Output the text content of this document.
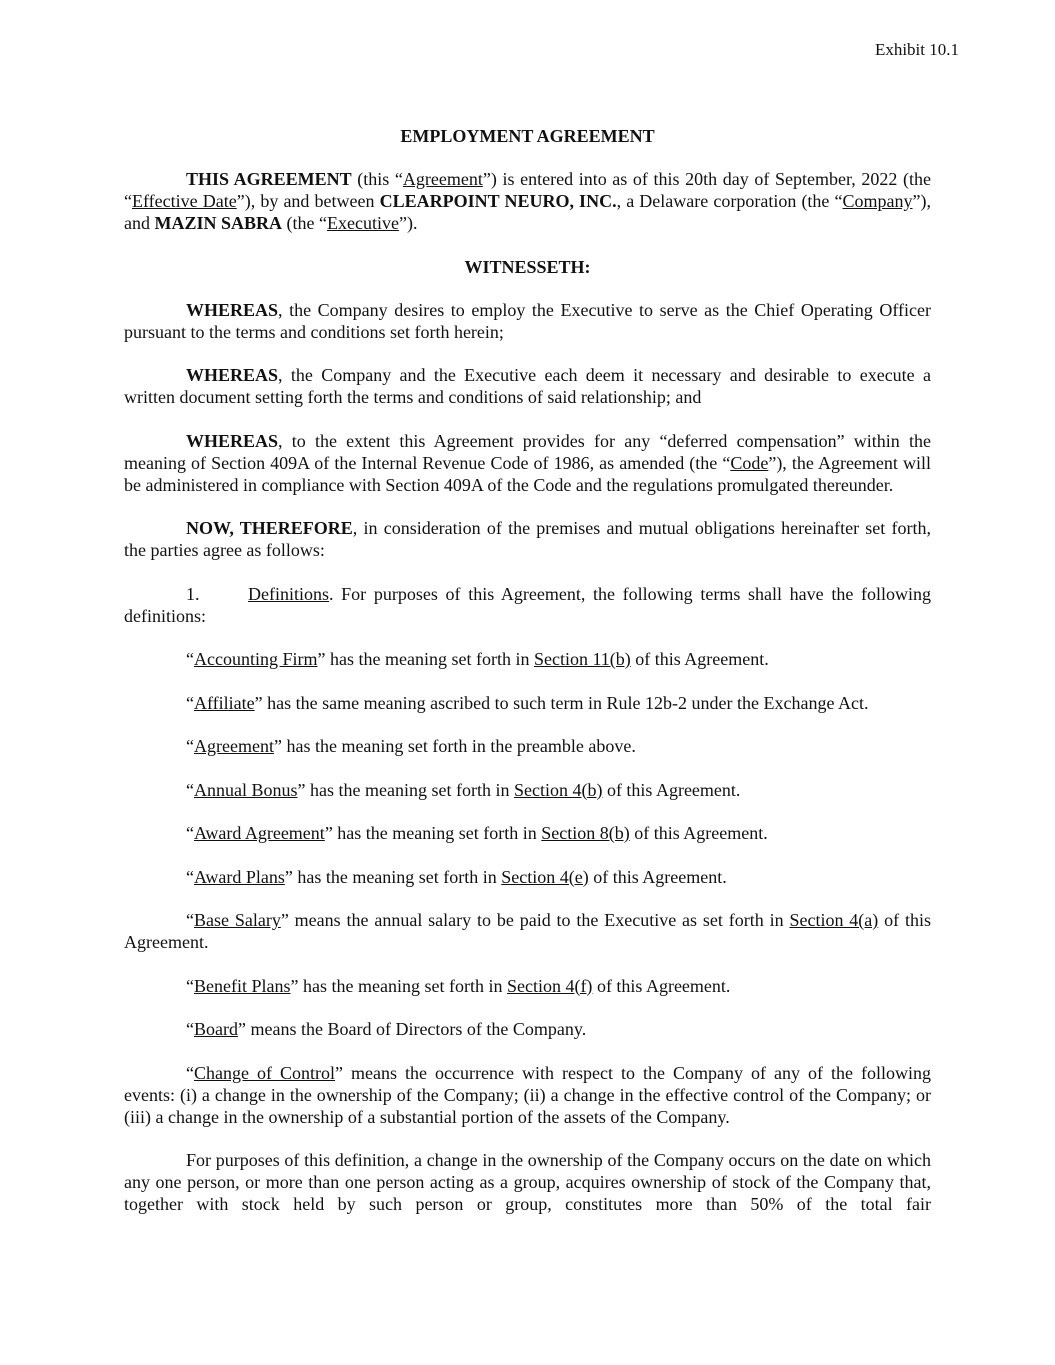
Exhibit 10.1
EMPLOYMENT AGREEMENT

THIS AGREEMENT (this “Agreement”) is entered into as of this 20th day of September, 2022 (the “Effective Date”), by and between CLEARPOINT NEURO, INC., a Delaware corporation (the “Company”), and MAZIN SABRA (the “Executive”).

WITNESSETH:

WHEREAS, the Company desires to employ the Executive to serve as the Chief Operating Officer pursuant to the terms and conditions set forth herein;

WHEREAS, the Company and the Executive each deem it necessary and desirable to execute a written document setting forth the terms and conditions of said relationship; and

WHEREAS, to the extent this Agreement provides for any “deferred compensation” within the meaning of Section 409A of the Internal Revenue Code of 1986, as amended (the “Code”), the Agreement will be administered in compliance with Section 409A of the Code and the regulations promulgated thereunder.

NOW, THEREFORE, in consideration of the premises and mutual obligations hereinafter set forth, the parties agree as follows:

1.	Definitions. For purposes of this Agreement, the following terms shall have the following definitions:

“Accounting Firm” has the meaning set forth in Section 11(b) of this Agreement.

“Affiliate” has the same meaning ascribed to such term in Rule 12b-2 under the Exchange Act.

“Agreement” has the meaning set forth in the preamble above.

“Annual Bonus” has the meaning set forth in Section 4(b) of this Agreement.

“Award Agreement” has the meaning set forth in Section 8(b) of this Agreement.

“Award Plans” has the meaning set forth in Section 4(e) of this Agreement.

“Base Salary” means the annual salary to be paid to the Executive as set forth in Section 4(a) of this Agreement.

“Benefit Plans” has the meaning set forth in Section 4(f) of this Agreement.

“Board” means the Board of Directors of the Company.

“Change of Control” means the occurrence with respect to the Company of any of the following events: (i) a change in the ownership of the Company; (ii) a change in the effective control of the Company; or (iii) a change in the ownership of a substantial portion of the assets of the Company.

For purposes of this definition, a change in the ownership of the Company occurs on the date on which any one person, or more than one person acting as a group, acquires ownership of stock of the Company that, together with stock held by such person or group, constitutes more than 50% of the total fair
